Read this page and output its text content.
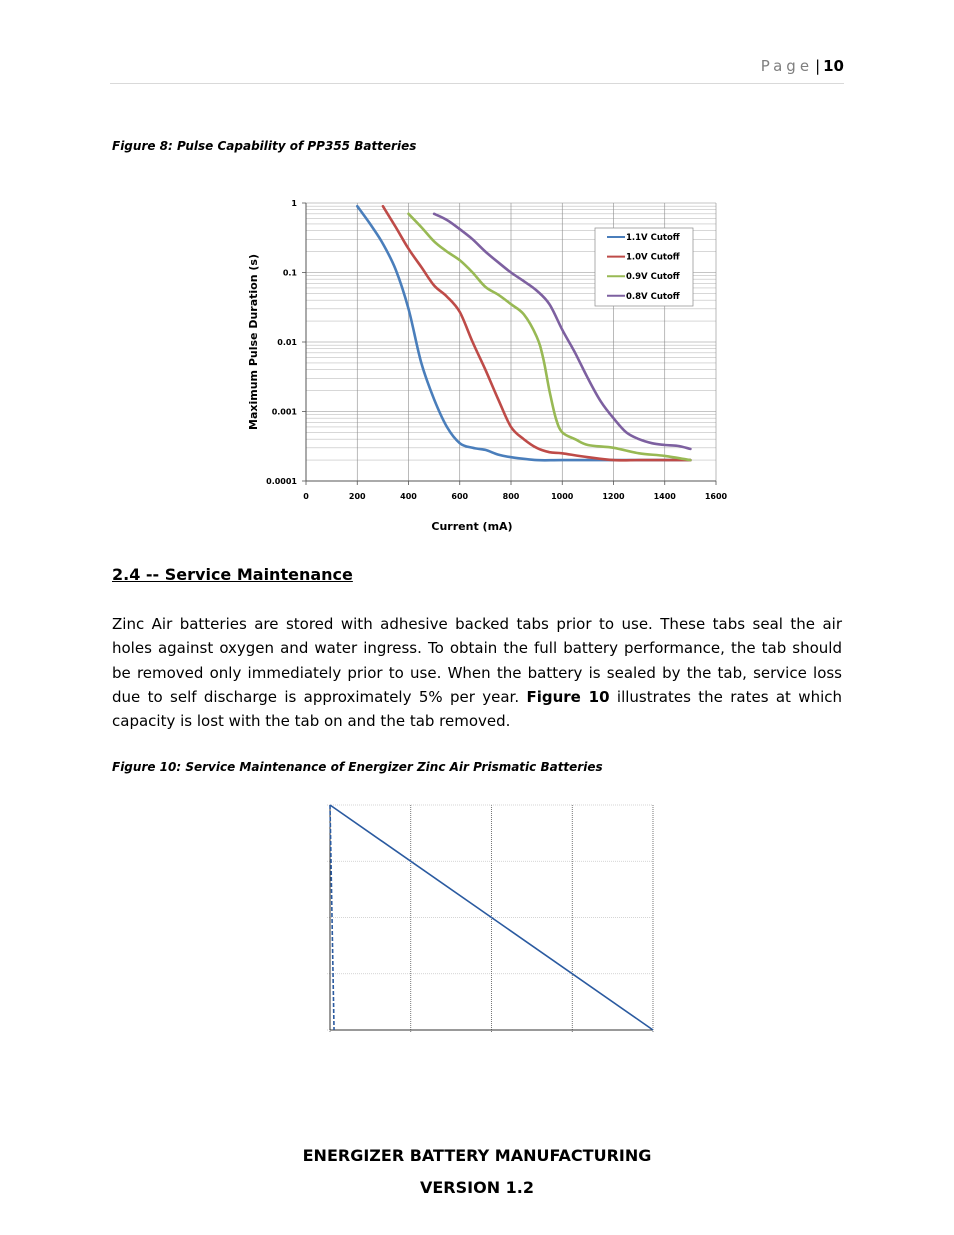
Page | 10
Figure 8: Pulse Capability of PP355 Batteries
0	200	400	600	800	1000	1200	1400	1600
1
0.1
0.01
0.001
0.0001
1.1V Cutoff
1.0V Cutoff
0.9V Cutoff
0.8V Cutoff
Maximum Pulse Duration (s)
Current (mA)
2.4 -- Service Maintenance
Zinc Air batteries are stored with adhesive backed tabs prior to use. These tabs seal the air holes against oxygen and water ingress. To obtain the full battery performance, the tab should be removed only immediately prior to use. When the battery is sealed by the tab, service loss due to self discharge is approximately 5% per year. Figure 10 illustrates the rates at which capacity is lost with the tab on and the tab removed.
Figure 10: Service Maintenance of Energizer Zinc Air Prismatic Batteries
ENERGIZER BATTERY MANUFACTURING
VERSION 1.2
